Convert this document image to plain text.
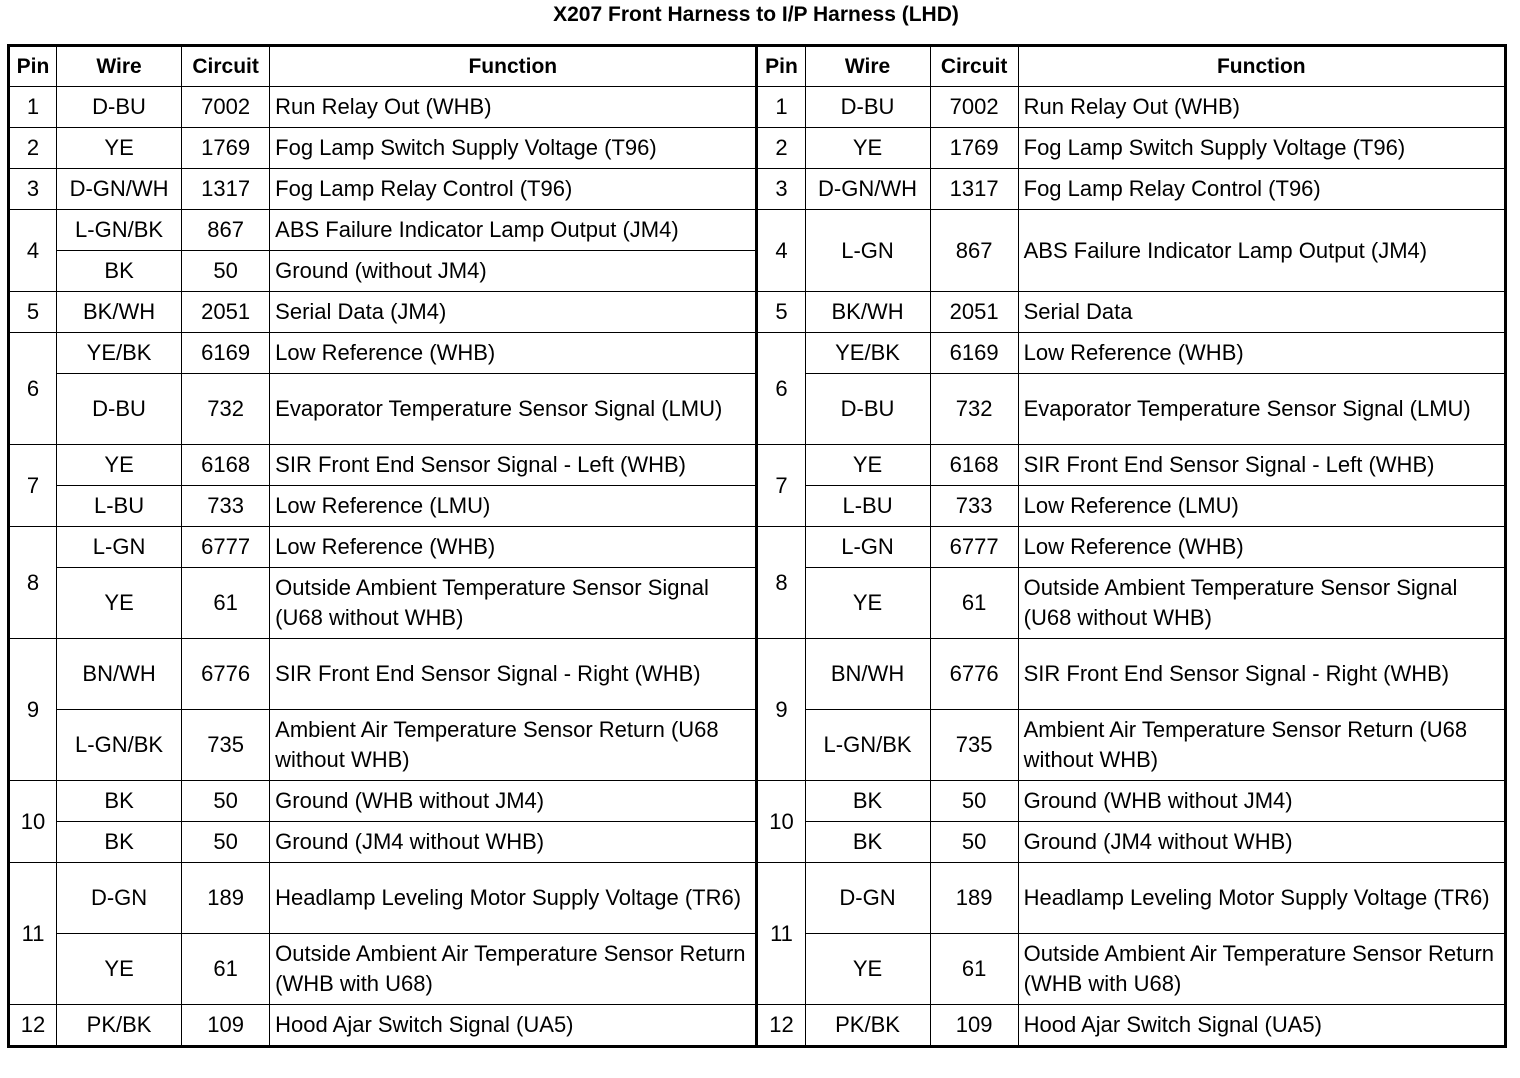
X207 Front Harness to I/P Harness (LHD)
Pin	Wire	Circuit	Function	Pin	Wire	Circuit	Function
1	D-BU	7002	Run Relay Out (WHB)	1	D-BU	7002	Run Relay Out (WHB)
2	YE	1769	Fog Lamp Switch Supply Voltage (T96)	2	YE	1769	Fog Lamp Switch Supply Voltage (T96)
3	D-GN/WH	1317	Fog Lamp Relay Control (T96)	3	D-GN/WH	1317	Fog Lamp Relay Control (T96)
4	L-GN/BK	867	ABS Failure Indicator Lamp Output (JM4)	4	L-GN	867	ABS Failure Indicator Lamp Output (JM4)
	BK	50	Ground (without JM4)				
5	BK/WH	2051	Serial Data (JM4)	5	BK/WH	2051	Serial Data
6	YE/BK	6169	Low Reference (WHB)	6	YE/BK	6169	Low Reference (WHB)
	D-BU	732	Evaporator Temperature Sensor Signal (LMU)		D-BU	732	Evaporator Temperature Sensor Signal (LMU)
7	YE	6168	SIR Front End Sensor Signal - Left (WHB)	7	YE	6168	SIR Front End Sensor Signal - Left (WHB)
	L-BU	733	Low Reference (LMU)		L-BU	733	Low Reference (LMU)
8	L-GN	6777	Low Reference (WHB)	8	L-GN	6777	Low Reference (WHB)
	YE	61	Outside Ambient Temperature Sensor Signal (U68 without WHB)		YE	61	Outside Ambient Temperature Sensor Signal (U68 without WHB)
9	BN/WH	6776	SIR Front End Sensor Signal - Right (WHB)	9	BN/WH	6776	SIR Front End Sensor Signal - Right (WHB)
	L-GN/BK	735	Ambient Air Temperature Sensor Return (U68 without WHB)		L-GN/BK	735	Ambient Air Temperature Sensor Return (U68 without WHB)
10	BK	50	Ground (WHB without JM4)	10	BK	50	Ground (WHB without JM4)
	BK	50	Ground (JM4 without WHB)		BK	50	Ground (JM4 without WHB)
11	D-GN	189	Headlamp Leveling Motor Supply Voltage (TR6)	11	D-GN	189	Headlamp Leveling Motor Supply Voltage (TR6)
	YE	61	Outside Ambient Air Temperature Sensor Return (WHB with U68)		YE	61	Outside Ambient Air Temperature Sensor Return (WHB with U68)
12	PK/BK	109	Hood Ajar Switch Signal (UA5)	12	PK/BK	109	Hood Ajar Switch Signal (UA5)
